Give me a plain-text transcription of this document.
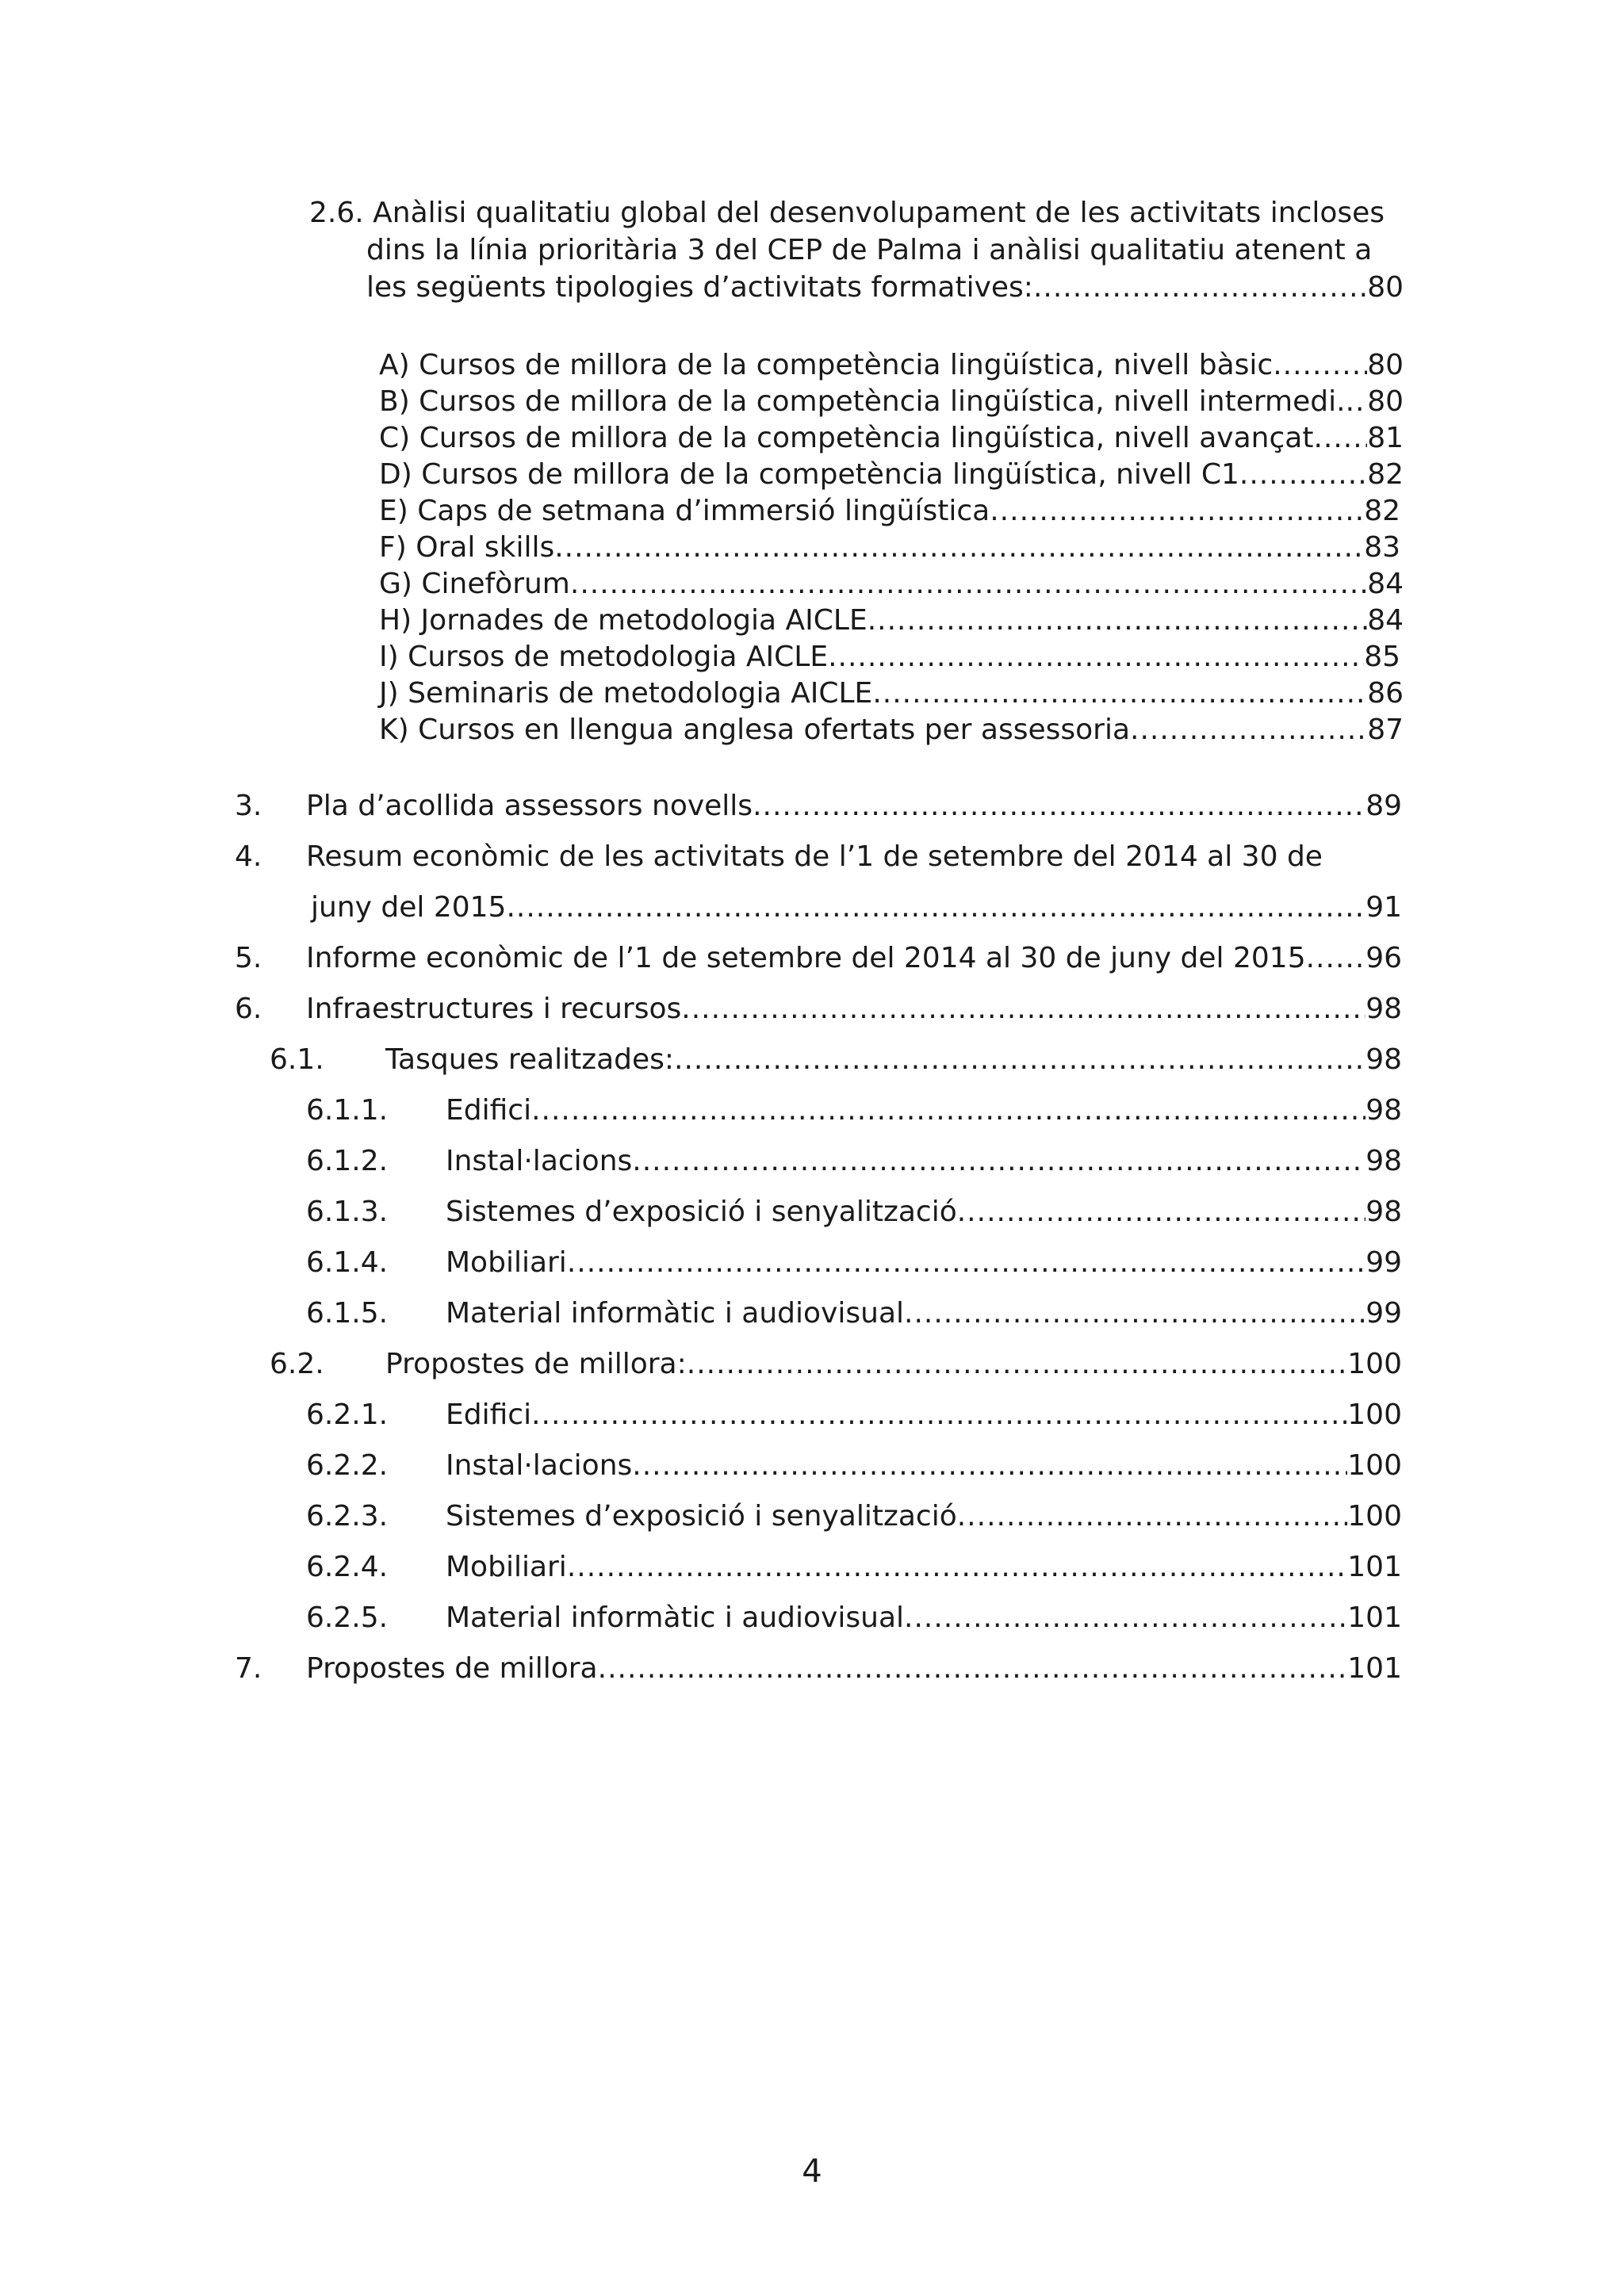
2.6. Anàlisi qualitatiu global del desenvolupament de les activitats incloses
dins la línia prioritària 3 del CEP de Palma i anàlisi qualitatiu atenent a
les següents tipologies d’activitats formatives: .....	80
A) Cursos de millora de la competència lingüística, nivell bàsic .....	80
B) Cursos de millora de la competència lingüística, nivell intermedi. ..... 80
C) Cursos de millora de la competència lingüística, nivell avançat ..... 81
D) Cursos de millora de la competència lingüística, nivell C1 .....	82
E) Caps de setmana d’immersió lingüística .....	82
F) Oral skills .....	83
G) Cinefòrum .....	84
H) Jornades de metodologia AICLE .....	84
I) Cursos de metodologia AICLE .....	85
J) Seminaris de metodologia AICLE .....	86
K) Cursos en llengua anglesa ofertats per assessoria .....	87
3. Pla d’acollida assessors novells .....	89
4. Resum econòmic de les activitats de l’1 de setembre del 2014 al 30 de
juny del 2015 .....	91
5. Informe econòmic de l’1 de setembre del 2014 al 30 de juny del 2015 ..... 96
6. Infraestructures i recursos .....	98
6.1. Tasques realitzades: .....	98
6.1.1. Edifici .....	98
6.1.2. Instal·lacions .....	98
6.1.3. Sistemes d’exposició i senyalització .....	98
6.1.4. Mobiliari .....	99
6.1.5. Material informàtic i audiovisual .....	99
6.2. Propostes de millora: .....	100
6.2.1. Edifici .....	100
6.2.2. Instal·lacions .....	100
6.2.3. Sistemes d’exposició i senyalització .....	100
6.2.4. Mobiliari .....	101
6.2.5. Material informàtic i audiovisual .....	101
7. Propostes de millora .....	101
4
